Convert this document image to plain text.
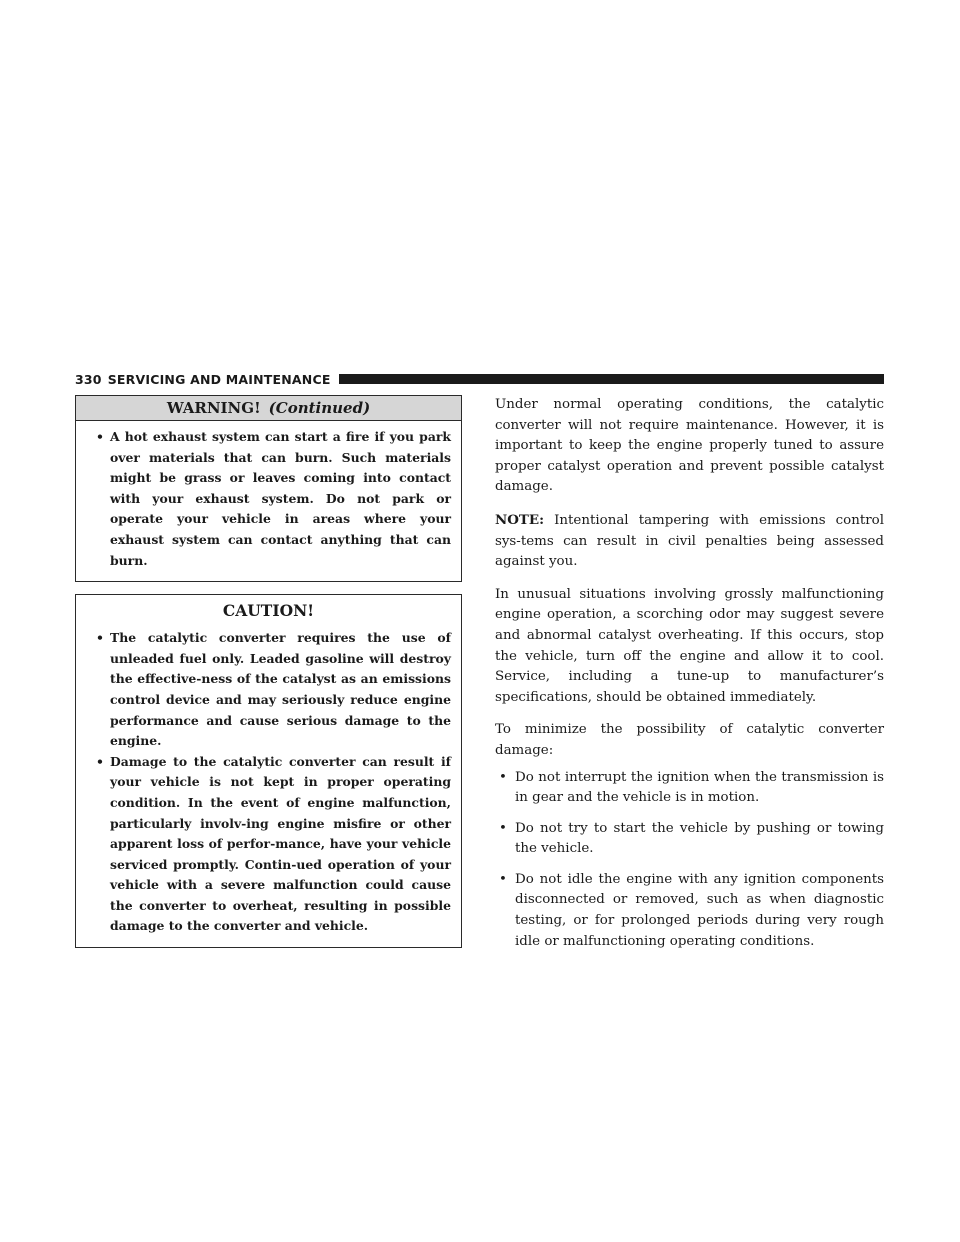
330 SERVICING AND MAINTENANCE
WARNING! (Continued)
• A hot exhaust system can start a fire if you park over materials that can burn. Such materials might be grass or leaves coming into contact with your exhaust system. Do not park or operate your vehicle in areas where your exhaust system can contact anything that can burn.
CAUTION!
• The catalytic converter requires the use of unleaded fuel only. Leaded gasoline will destroy the effective-ness of the catalyst as an emissions control device and may seriously reduce engine performance and cause serious damage to the engine.
• Damage to the catalytic converter can result if your vehicle is not kept in proper operating condition. In the event of engine malfunction, particularly involv-ing engine misfire or other apparent loss of perfor-mance, have your vehicle serviced promptly. Contin-ued operation of your vehicle with a severe malfunction could cause the converter to overheat, resulting in possible damage to the converter and vehicle.

Under normal operating conditions, the catalytic converter will not require maintenance. However, it is important to keep the engine properly tuned to assure proper catalyst operation and prevent possible catalyst damage.

NOTE: Intentional tampering with emissions control sys-tems can result in civil penalties being assessed against you.

In unusual situations involving grossly malfunctioning engine operation, a scorching odor may suggest severe and abnormal catalyst overheating. If this occurs, stop the vehicle, turn off the engine and allow it to cool. Service, including a tune-up to manufacturer’s specifications, should be obtained immediately.

To minimize the possibility of catalytic converter damage:

• Do not interrupt the ignition when the transmission is in gear and the vehicle is in motion.
• Do not try to start the vehicle by pushing or towing the vehicle.
• Do not idle the engine with any ignition components disconnected or removed, such as when diagnostic testing, or for prolonged periods during very rough idle or malfunctioning operating conditions.
